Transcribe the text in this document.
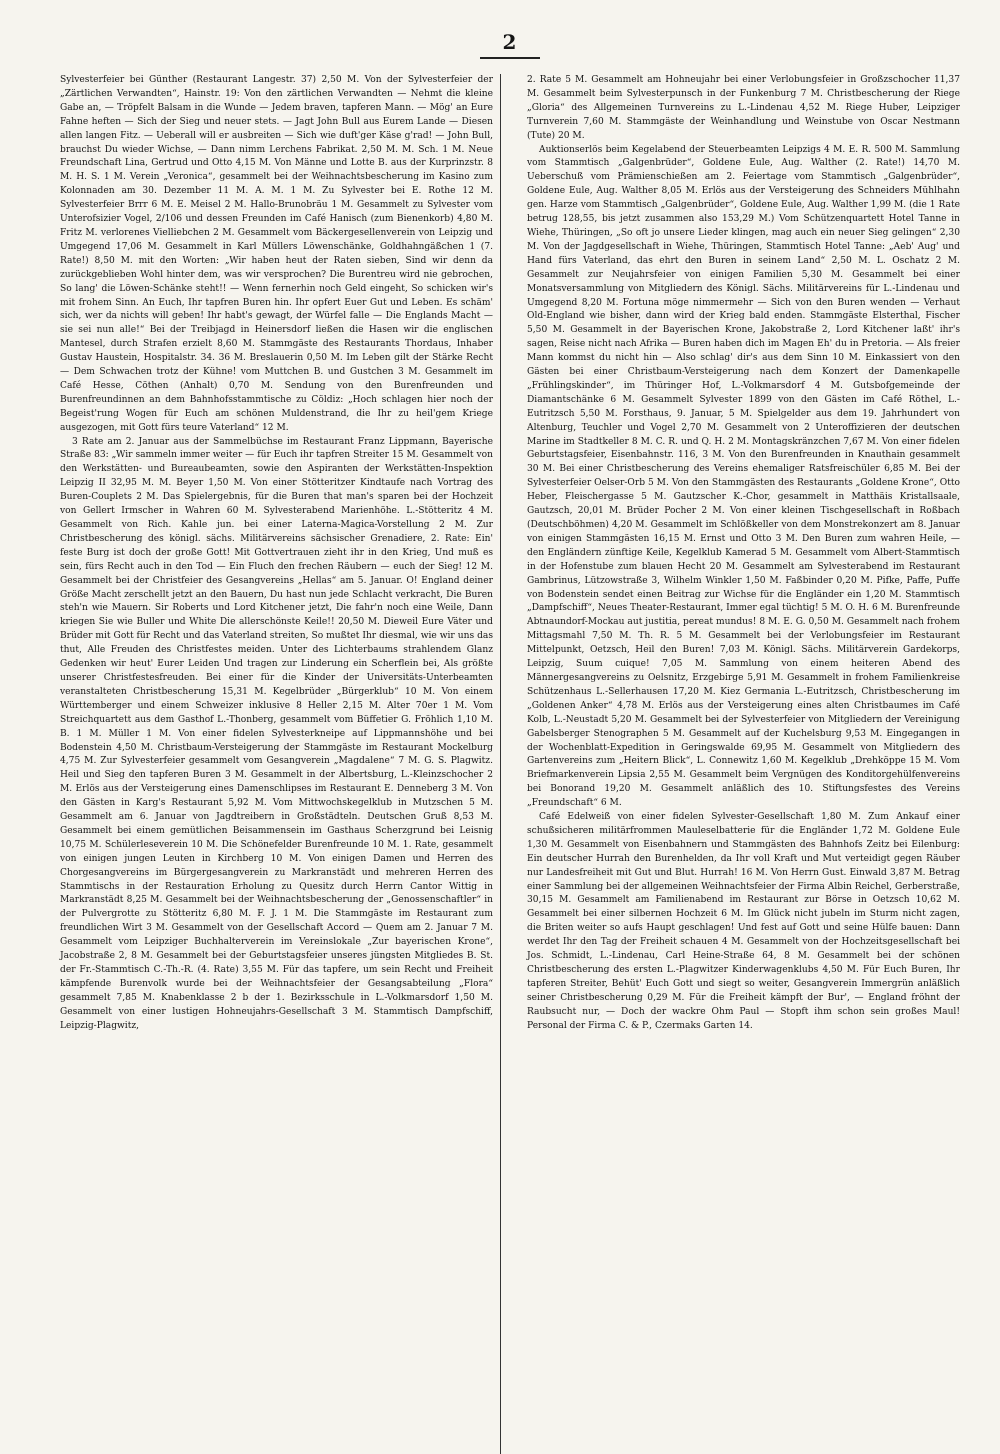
2

Sylvesterfeier bei Günther (Restaurant Langestr. 37) 2,50 M. Von der Sylvesterfeier der „Zärtlichen Verwandten“, Hainstr. 19: Von den zärtlichen Verwandten — Nehmt die kleine Gabe an, — Tröpfelt Balsam in die Wunde — Jedem braven, tapferen Mann. — Mög' an Eure Fahne heften — Sich der Sieg und neuer stets. — Jagt John Bull aus Eurem Lande — Diesen allen langen Fitz. — Ueberall will er ausbreiten — Sich wie duft'ger Käse g'rad! — John Bull, brauchst Du wieder Wichse, — Dann nimm Lerchens Fabrikat. 2,50 M. M. Sch. 1 M. Neue Freundschaft Lina, Gertrud und Otto 4,15 M. Von Männe und Lotte B. aus der Kurprinzstr. 8 M. H. S. 1 M. Verein „Veronica“, gesammelt bei der Weihnachtsbescherung im Kasino zum Kolonnaden am 30. Dezember 11 M. A. M. 1 M. Zu Sylvester bei E. Rothe 12 M. Sylvesterfeier Brrr 6 M. E. Meisel 2 M. Hallo-Brunobräu 1 M. Gesammelt zu Sylvester vom Unterofsizier Vogel, 2/106 und dessen Freunden im Café Hanisch (zum Bienenkorb) 4,80 M. Fritz M. verlorenes Vielliebchen 2 M. Gesammelt vom Bäckergesellenverein von Leipzig und Umgegend 17,06 M. Gesammelt in Karl Müllers Löwenschänke, Goldhahngäßchen 1 (7. Rate!) 8,50 M. mit den Worten: „Wir haben heut der Raten sieben, Sind wir denn da zurückgeblieben Wohl hinter dem, was wir versprochen? Die Burentreu wird nie gebrochen, So lang' die Löwen-Schänke steht!! — Wenn fernerhin noch Geld eingeht, So schicken wir's mit frohem Sinn. An Euch, Ihr tapfren Buren hin. Ihr opfert Euer Gut und Leben. Es schäm' sich, wer da nichts will geben! Ihr habt's gewagt, der Würfel falle — Die Englands Macht — sie sei nun alle!“ Bei der Treibjagd in Heinersdorf ließen die Hasen wir die englischen Mantesel, durch Strafen erzielt 8,60 M. Stammgäste des Restaurants Thordaus, Inhaber Gustav Haustein, Hospitalstr. 34. 36 M. Breslauerin 0,50 M. Im Leben gilt der Stärke Recht — Dem Schwachen trotz der Kühne! vom Muttchen B. und Gustchen 3 M. Gesammelt im Café Hesse, Cöthen (Anhalt) 0,70 M. Sendung von den Burenfreunden und Burenfreundinnen an dem Bahnhofsstammtische zu Cöldiz: „Hoch schlagen hier noch der Begeist'rung Wogen für Euch am schönen Muldenstrand, die Ihr zu heil'gem Kriege ausgezogen, mit Gott fürs teure Vaterland“ 12 M.

3 Rate am 2. Januar aus der Sammelbüchse im Restaurant Franz Lippmann, Bayerische Straße 83: „Wir sammeln immer weiter — für Euch ihr tapfren Streiter 15 M. Gesammelt von den Werkstätten- und Bureaubeamten, sowie den Aspiranten der Werkstätten-Inspektion Leipzig II 32,95 M. M. Beyer 1,50 M. Von einer Stötteritzer Kindtaufe nach Vortrag des Buren-Couplets 2 M. Das Spielergebnis, für die Buren that man's sparen bei der Hochzeit von Gellert Irmscher in Wahren 60 M. Sylvesterabend Marienhöhe. L.-Stötteritz 4 M. Gesammelt von Rich. Kahle jun. bei einer Laterna-Magica-Vorstellung 2 M. Zur Christbescherung des königl. sächs. Militärvereins sächsischer Grenadiere, 2. Rate: Ein' feste Burg ist doch der große Gott! Mit Gottvertrauen zieht ihr in den Krieg, Und muß es sein, fürs Recht auch in den Tod — Ein Fluch den frechen Räubern — euch der Sieg! 12 M. Gesammelt bei der Christfeier des Gesangvereins „Hellas“ am 5. Januar. O! England deiner Größe Macht zerschellt jetzt an den Bauern, Du hast nun jede Schlacht verkracht, Die Buren steh'n wie Mauern. Sir Roberts und Lord Kitchener jetzt, Die fahr'n noch eine Weile, Dann kriegen Sie wie Buller und White Die allerschönste Keile!! 20,50 M. Dieweil Eure Väter und Brüder mit Gott für Recht und das Vaterland streiten, So mußtet Ihr diesmal, wie wir uns das thut, Alle Freuden des Christfestes meiden. Unter des Lichterbaums strahlendem Glanz Gedenken wir heut' Eurer Leiden Und tragen zur Linderung ein Scherflein bei, Als größte unserer Christfestesfreuden. Bei einer für die Kinder der Universitäts-Unterbeamten veranstalteten Christbescherung 15,31 M. Kegelbrüder „Bürgerklub“ 10 M. Von einem Württemberger und einem Schweizer inklusive 8 Heller 2,15 M. Alter 70er 1 M. Vom Streichquartett aus dem Gasthof L.-Thonberg, gesammelt vom Büffetier G. Fröhlich 1,10 M. B. 1 M. Müller 1 M. Von einer fidelen Sylvesterkneipe auf Lippmannshöhe und bei Bodenstein 4,50 M. Christbaum-Versteigerung der Stammgäste im Restaurant Mockelburg 4,75 M. Zur Sylvesterfeier gesammelt vom Gesangverein „Magdalene“ 7 M. G. S. Plagwitz. Heil und Sieg den tapferen Buren 3 M. Gesammelt in der Albertsburg, L.-Kleinzschocher 2 M. Erlös aus der Versteigerung eines Damenschlipses im Restaurant E. Denneberg 3 M. Von den Gästen in Karg's Restaurant 5,92 M. Vom Mittwochskegelklub in Mutzschen 5 M. Gesammelt am 6. Januar von Jagdtreibern in Großstädteln. Deutschen Gruß 8,53 M. Gesammelt bei einem gemütlichen Beisammensein im Gasthaus Scherzgrund bei Leisnig 10,75 M. Schülerleseverein 10 M. Die Schönefelder Burenfreunde 10 M. 1. Rate, gesammelt von einigen jungen Leuten in Kirchberg 10 M. Von einigen Damen und Herren des Chorgesangvereins im Bürgergesangverein zu Markranstädt und mehreren Herren des Stammtischs in der Restauration Erholung zu Quesitz durch Herrn Cantor Wittig in Markranstädt 8,25 M. Gesammelt bei der Weihnachtsbescherung der „Genossenschaftler“ in der Pulvergrotte zu Stötteritz 6,80 M. F. J. 1 M. Die Stammgäste im Restaurant zum freundlichen Wirt 3 M. Gesammelt von der Gesellschaft Accord — Quem am 2. Januar 7 M. Gesammelt vom Leipziger Buchhalterverein im Vereinslokale „Zur bayerischen Krone“, Jacobstraße 2, 8 M. Gesammelt bei der Geburtstagsfeier unseres jüngsten Mitgliedes B. St. der Fr.-Stammtisch C.-Th.-R. (4. Rate) 3,55 M. Für das tapfere, um sein Recht und Freiheit kämpfende Burenvolk wurde bei der Weihnachtsfeier der Gesangsabteilung „Flora“ gesammelt 7,85 M. Knabenklasse 2 b der 1. Bezirksschule in L.-Volkmarsdorf 1,50 M. Gesammelt von einer lustigen Hohneujahrs-Gesellschaft 3 M. Stammtisch Dampfschiff, Leipzig-Plagwitz,

2. Rate 5 M. Gesammelt am Hohneujahr bei einer Verlobungsfeier in Großzschocher 11,37 M. Gesammelt beim Sylvesterpunsch in der Funkenburg 7 M. Christbescherung der Riege „Gloria“ des Allgemeinen Turnvereins zu L.-Lindenau 4,52 M. Riege Huber, Leipziger Turnverein 7,60 M. Stammgäste der Weinhandlung und Weinstube von Oscar Nestmann (Tute) 20 M.

Auktionserlös beim Kegelabend der Steuerbeamten Leipzigs 4 M. E. R. 500 M. Sammlung vom Stammtisch „Galgenbrüder“, Goldene Eule, Aug. Walther (2. Rate!) 14,70 M. Ueberschuß vom Prämienschießen am 2. Feiertage vom Stammtisch „Galgenbrüder“, Goldene Eule, Aug. Walther 8,05 M. Erlös aus der Versteigerung des Schneiders Mühlhahn gen. Harze vom Stammtisch „Galgenbrüder“, Goldene Eule, Aug. Walther 1,99 M. (die 1 Rate betrug 128,55, bis jetzt zusammen also 153,29 M.) Vom Schützenquartett Hotel Tanne in Wiehe, Thüringen, „So oft jo unsere Lieder klingen, mag auch ein neuer Sieg gelingen“ 2,30 M. Von der Jagdgesellschaft in Wiehe, Thüringen, Stammtisch Hotel Tanne: „Aeb' Aug' und Hand fürs Vaterland, das ehrt den Buren in seinem Land“ 2,50 M. L. Oschatz 2 M. Gesammelt zur Neujahrsfeier von einigen Familien 5,30 M. Gesammelt bei einer Monatsversammlung von Mitgliedern des Königl. Sächs. Militärvereins für L.-Lindenau und Umgegend 8,20 M. Fortuna möge nimmermehr — Sich von den Buren wenden — Verhaut Old-England wie bisher, dann wird der Krieg bald enden. Stammgäste Elsterthal, Fischer 5,50 M. Gesammelt in der Bayerischen Krone, Jakobstraße 2, Lord Kitchener laßt' ihr's sagen, Reise nicht nach Afrika — Buren haben dich im Magen Eh' du in Pretoria. — Als freier Mann kommst du nicht hin — Also schlag' dir's aus dem Sinn 10 M. Einkassiert von den Gästen bei einer Christbaum-Versteigerung nach dem Konzert der Damenkapelle „Frühlingskinder“, im Thüringer Hof, L.-Volkmarsdorf 4 M. Gutsbofgemeinde der Diamantschänke 6 M. Gesammelt Sylvester 1899 von den Gästen im Café Röthel, L.-Eutritzsch 5,50 M. Forsthaus, 9. Januar, 5 M. Spielgelder aus dem 19. Jahrhundert von Altenburg, Teuchler und Vogel 2,70 M. Gesammelt von 2 Unteroffizieren der deutschen Marine im Stadtkeller 8 M. C. R. und Q. H. 2 M. Montagskränzchen 7,67 M. Von einer fidelen Geburtstagsfeier, Eisenbahnstr. 116, 3 M. Von den Burenfreunden in Knauthain gesammelt 30 M. Bei einer Christbescherung des Vereins ehemaliger Ratsfreischüler 6,85 M. Bei der Sylvesterfeier Oelser-Orb 5 M. Von den Stammgästen des Restaurants „Goldene Krone“, Otto Heber, Fleischergasse 5 M. Gautzscher K.-Chor, gesammelt in Matthäis Kristallsaale, Gautzsch, 20,01 M. Brüder Pocher 2 M. Von einer kleinen Tischgesellschaft in Roßbach (Deutschböhmen) 4,20 M. Gesammelt im Schlößkeller von dem Monstrekonzert am 8. Januar von einigen Stammgästen 16,15 M. Ernst und Otto 3 M. Den Buren zum wahren Heile, — den Engländern zünftige Keile, Kegelklub Kamerad 5 M. Gesammelt vom Albert-Stammtisch in der Hofenstube zum blauen Hecht 20 M. Gesammelt am Sylvesterabend im Restaurant Gambrinus, Lützowstraße 3, Wilhelm Winkler 1,50 M. Faßbinder 0,20 M. Pifke, Paffe, Puffe von Bodenstein sendet einen Beitrag zur Wichse für die Engländer ein 1,20 M. Stammtisch „Dampfschiff“, Neues Theater-Restaurant, Immer egal tüchtig! 5 M. O. H. 6 M. Burenfreunde Abtnaundorf-Mockau aut justitia, pereat mundus! 8 M. E. G. 0,50 M. Gesammelt nach frohem Mittagsmahl 7,50 M. Th. R. 5 M. Gesammelt bei der Verlobungsfeier im Restaurant Mittelpunkt, Oetzsch, Heil den Buren! 7,03 M. Königl. Sächs. Militärverein Gardekorps, Leipzig, Suum cuique! 7,05 M. Sammlung von einem heiteren Abend des Männergesangvereins zu Oelsnitz, Erzgebirge 5,91 M. Gesammelt in frohem Familienkreise Schützenhaus L.-Sellerhausen 17,20 M. Kiez Germania L.-Eutritzsch, Christbescherung im „Goldenen Anker“ 4,78 M. Erlös aus der Versteigerung eines alten Christbaumes im Café Kolb, L.-Neustadt 5,20 M. Gesammelt bei der Sylvesterfeier von Mitgliedern der Vereinigung Gabelsberger Stenographen 5 M. Gesammelt auf der Kuchelsburg 9,53 M. Eingegangen in der Wochenblatt-Expedition in Geringswalde 69,95 M. Gesammelt von Mitgliedern des Gartenvereins zum „Heitern Blick“, L. Connewitz 1,60 M. Kegelklub „Drehköppe 15 M. Vom Briefmarkenverein Lipsia 2,55 M. Gesammelt beim Vergnügen des Konditorgehülfenvereins bei Bonorand 19,20 M. Gesammelt anläßlich des 10. Stiftungsfestes des Vereins „Freundschaft“ 6 M.

Café Edelweiß von einer fidelen Sylvester-Gesellschaft 1,80 M. Zum Ankauf einer schußsicheren militärfrommen Mauleselbatterie für die Engländer 1,72 M. Goldene Eule 1,30 M. Gesammelt von Eisenbahnern und Stammgästen des Bahnhofs Zeitz bei Eilenburg: Ein deutscher Hurrah den Burenhelden, da Ihr voll Kraft und Mut verteidigt gegen Räuber nur Landesfreiheit mit Gut und Blut. Hurrah! 16 M. Von Herrn Gust. Einwald 3,87 M. Betrag einer Sammlung bei der allgemeinen Weihnachtsfeier der Firma Albin Reichel, Gerberstraße, 30,15 M. Gesammelt am Familienabend im Restaurant zur Börse in Oetzsch 10,62 M. Gesammelt bei einer silbernen Hochzeit 6 M. Im Glück nicht jubeln im Sturm nicht zagen, die Briten weiter so aufs Haupt geschlagen! Und fest auf Gott und seine Hülfe bauen: Dann werdet Ihr den Tag der Freiheit schauen 4 M. Gesammelt von der Hochzeitsgesellschaft bei Jos. Schmidt, L.-Lindenau, Carl Heine-Straße 64, 8 M. Gesammelt bei der schönen Christbescherung des ersten L.-Plagwitzer Kinderwagenklubs 4,50 M. Für Euch Buren, Ihr tapferen Streiter, Behüt' Euch Gott und siegt so weiter, Gesangverein Immergrün anläßlich seiner Christbescherung 0,29 M. Für die Freiheit kämpft der Bur', — England fröhnt der Raubsucht nur, — Doch der wackre Ohm Paul — Stopft ihm schon sein großes Maul! Personal der Firma C. & P., Czermaks Garten 14.
